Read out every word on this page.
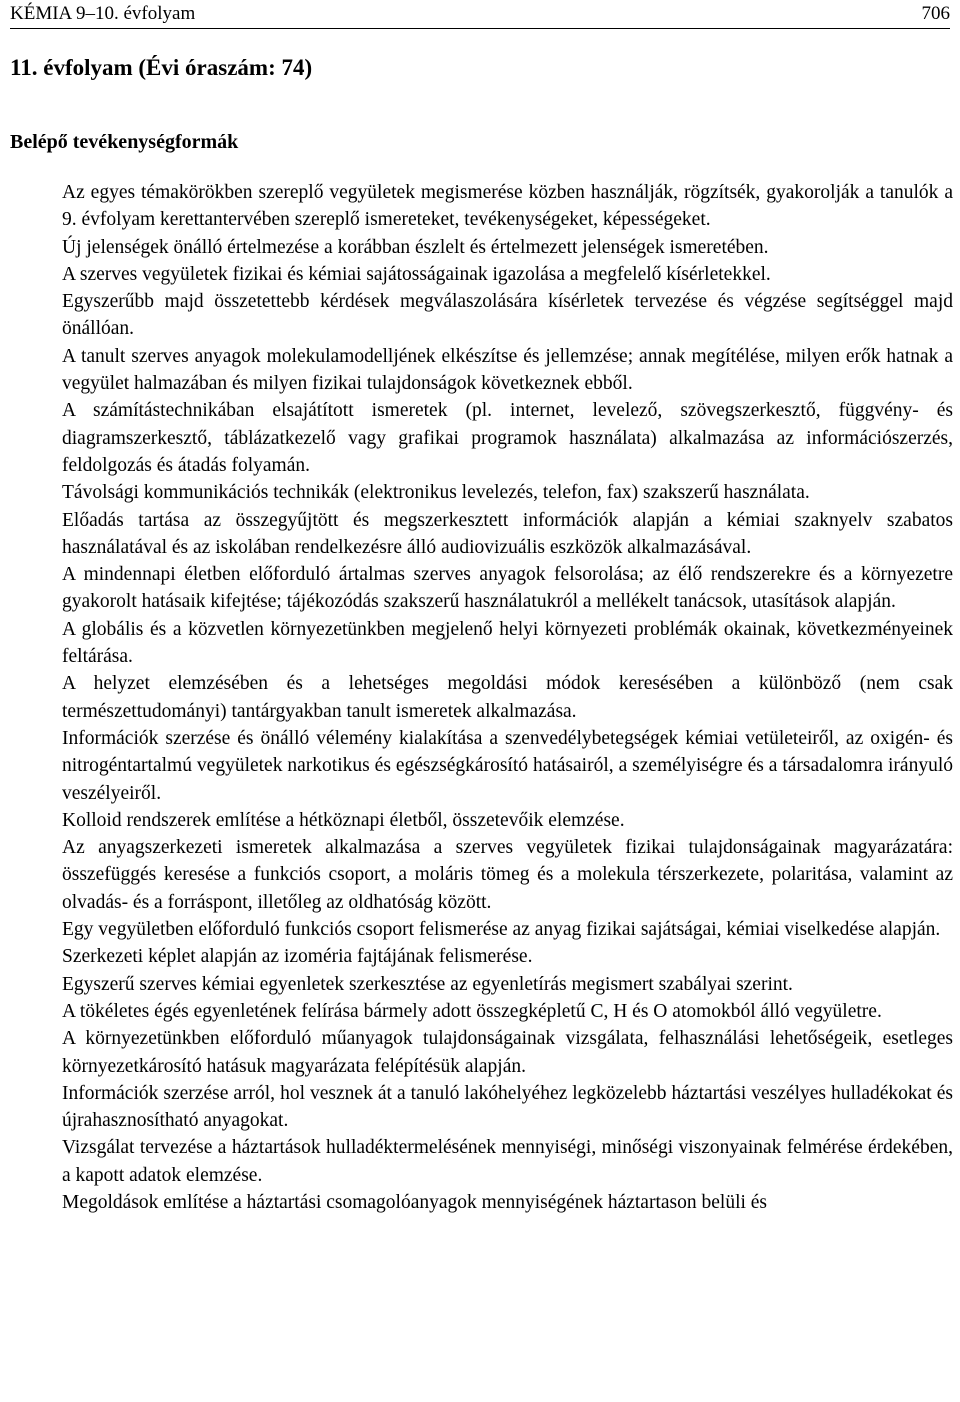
KÉMIA 9–10. évfolyam	706
11. évfolyam (Évi óraszám: 74)
Belépő tevékenységformák

Az egyes témakörökben szereplő vegyületek megismerése közben használják, rögzítsék, gyakorolják a tanulók a 9. évfolyam kerettantervében szereplő ismereteket, tevékenységeket, képességeket.

Új jelenségek önálló értelmezése a korábban észlelt és értelmezett jelenségek ismeretében.

A szerves vegyületek fizikai és kémiai sajátosságainak igazolása a megfelelő kísérletekkel.

Egyszerűbb majd összetettebb kérdések megválaszolására kísérletek tervezése és végzése segítséggel majd önállóan.

A tanult szerves anyagok molekulamodelljének elkészítse és jellemzése; annak megítélése, milyen erők hatnak a vegyület halmazában és milyen fizikai tulajdonságok következnek ebből.

A számítástechnikában elsajátított ismeretek (pl. internet, levelező, szövegszerkesztő, függvény- és diagramszerkesztő, táblázatkezelő vagy grafikai programok használata) alkalmazása az információszerzés, feldolgozás és átadás folyamán.

Távolsági kommunikációs technikák (elektronikus levelezés, telefon, fax) szakszerű használata.

Előadás tartása az összegyűjtött és megszerkesztett információk alapján a kémiai szaknyelv szabatos használatával és az iskolában rendelkezésre álló audiovizuális eszközök alkalmazásával.

A mindennapi életben előforduló ártalmas szerves anyagok felsorolása; az élő rendszerekre és a környezetre gyakorolt hatásaik kifejtése; tájékozódás szakszerű használatukról a mellékelt tanácsok, utasítások alapján.

A globális és a közvetlen környezetünkben megjelenő helyi környezeti problémák okainak, következményeinek feltárása.

A helyzet elemzésében és a lehetséges megoldási módok keresésében a különböző (nem csak természettudományi) tantárgyakban tanult ismeretek alkalmazása.

Információk szerzése és önálló vélemény kialakítása a szenvedélybetegségek kémiai vetületeiről, az oxigén- és nitrogéntartalmú vegyületek narkotikus és egészségkárosító hatásairól, a személyiségre és a társadalomra irányuló veszélyeiről.

Kolloid rendszerek említése a hétköznapi életből, összetevőik elemzése.

Az anyagszerkezeti ismeretek alkalmazása a szerves vegyületek fizikai tulajdonságainak magyarázatára: összefüggés keresése a funkciós csoport, a moláris tömeg és a molekula térszerkezete, polaritása, valamint az olvadás- és a forráspont, illetőleg az oldhatóság között.

Egy vegyületben előforduló funkciós csoport felismerése az anyag fizikai sajátságai, kémiai viselkedése alapján.

Szerkezeti képlet alapján az izoméria fajtájának felismerése.

Egyszerű szerves kémiai egyenletek szerkesztése az egyenletírás megismert szabályai szerint.

A tökéletes égés egyenletének felírása bármely adott összegképletű C, H és O atomokból álló vegyületre.

A környezetünkben előforduló műanyagok tulajdonságainak vizsgálata, felhasználási lehetőségeik, esetleges környezetkárosító hatásuk magyarázata felépítésük alapján.

Információk szerzése arról, hol vesznek át a tanuló lakóhelyéhez legközelebb háztartási veszélyes hulladékokat és újrahasznosítható anyagokat.

Vizsgálat tervezése a háztartások hulladéktermelésének mennyiségi, minőségi viszonyainak felmérése érdekében, a kapott adatok elemzése.

Megoldások említése a háztartási csomagolóanyagok mennyiségének háztartason belüli és
